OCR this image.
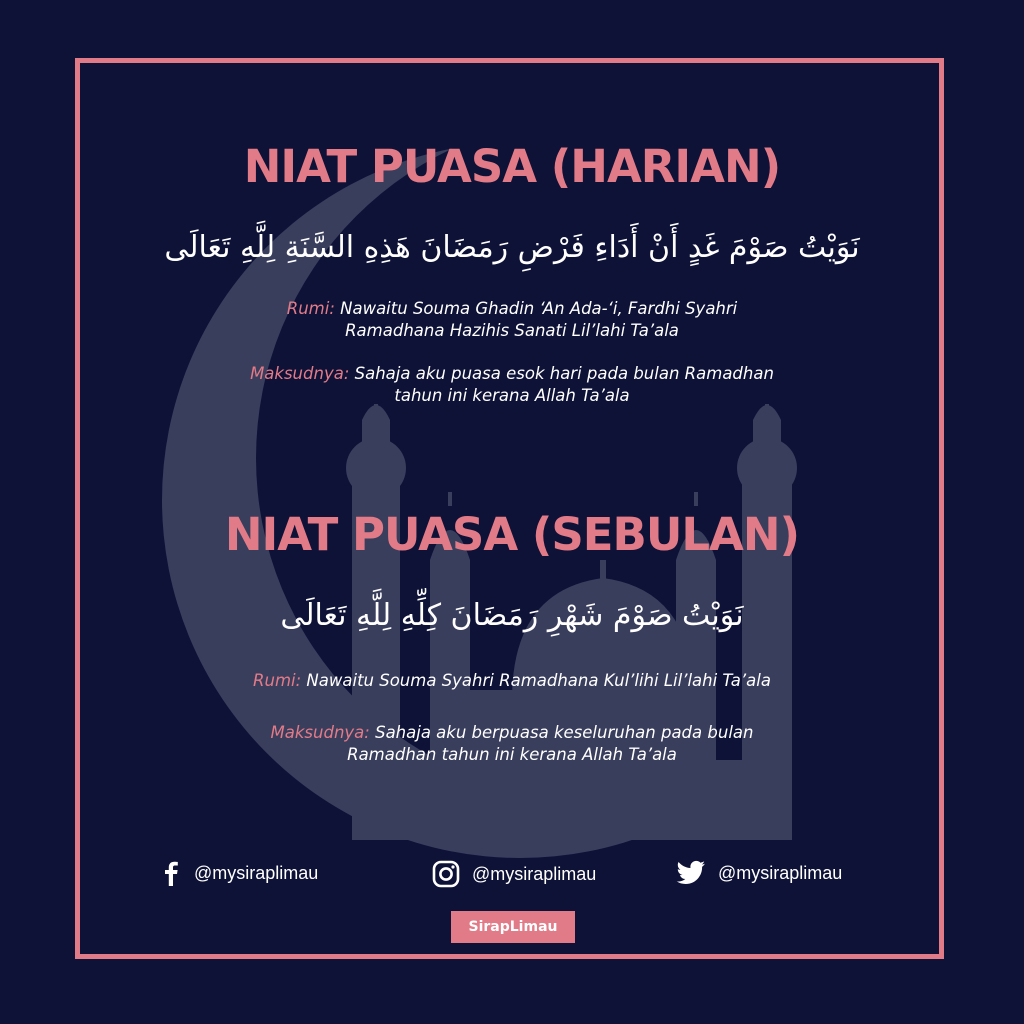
NIAT PUASA (HARIAN)

نَوَيْتُ صَوْمَ غَدٍ أَنْ أَدَاءِ فَرْضِ رَمَضَانَ هَذِهِ السَّنَةِ لِلَّهِ تَعَالَى

Rumi: Nawaitu Souma Ghadin ‘An Ada-‘i, Fardhi Syahri
Ramadhana Hazihis Sanati Lil’lahi Ta’ala

Maksudnya: Sahaja aku puasa esok hari pada bulan Ramadhan
tahun ini kerana Allah Ta’ala

NIAT PUASA (SEBULAN)

نَوَيْتُ صَوْمَ شَهْرِ رَمَضَانَ كِلِّهِ لِلَّهِ تَعَالَى

Rumi: Nawaitu Souma Syahri Ramadhana Kul’lihi Lil’lahi Ta’ala

Maksudnya: Sahaja aku berpuasa keseluruhan pada bulan
Ramadhan tahun ini kerana Allah Ta’ala

@mysiraplimau	@mysiraplimau	@mysiraplimau
SirapLimau
